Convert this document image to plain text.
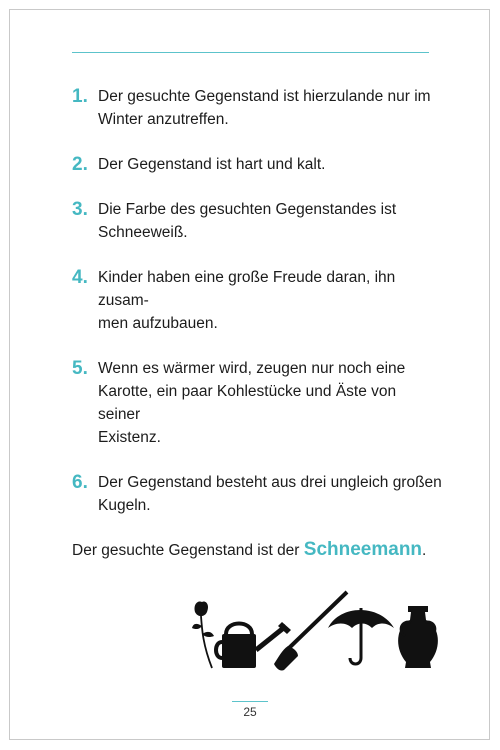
1. Der gesuchte Gegenstand ist hierzulande nur im
Winter anzutreffen.
2. Der Gegenstand ist hart und kalt.
3. Die Farbe des gesuchten Gegenstandes ist
Schneeweiß.
4. Kinder haben eine große Freude daran, ihn zusam-
men aufzubauen.
5. Wenn es wärmer wird, zeugen nur noch eine
Karotte, ein paar Kohlestücke und Äste von seiner
Existenz.
6. Der Gegenstand besteht aus drei ungleich großen
Kugeln.
Der gesuchte Gegenstand ist der Schneemann.
25
